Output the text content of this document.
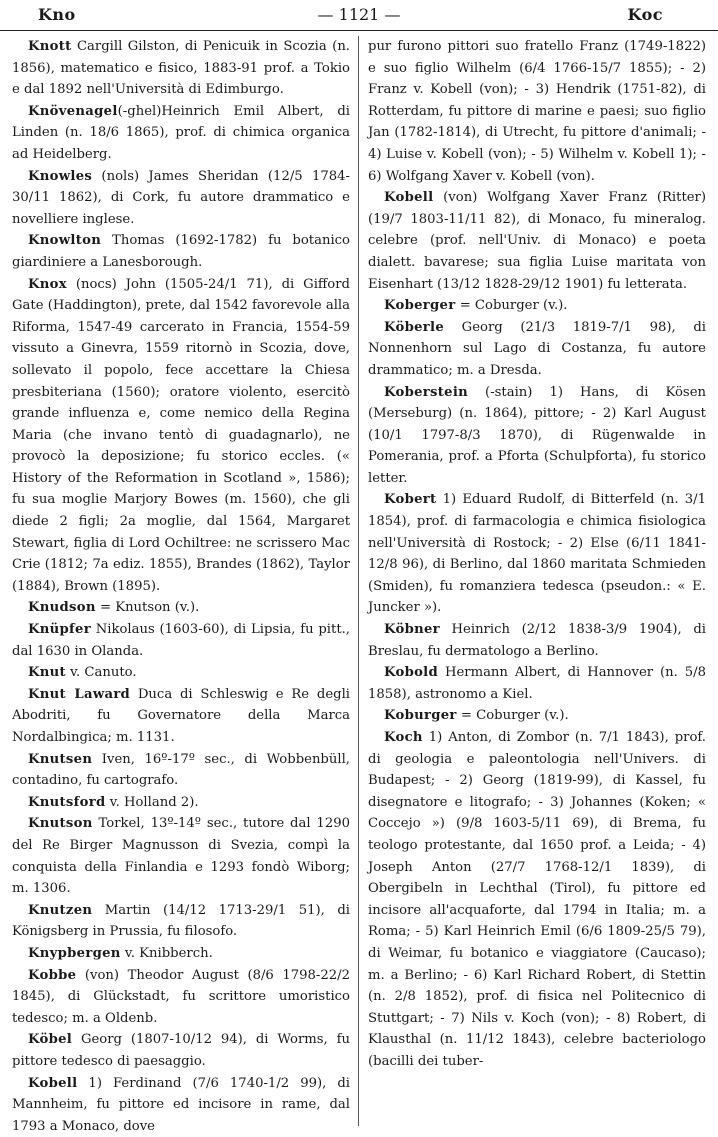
Kno	— 1121 —	Koc

Knott Cargill Gilston, di Penicuik in Scozia (n. 1856), matematico e fisico, 1883-91 prof. a Tokio e dal 1892 nell'Università di Edimburgo.

Knövenagel(-ghel)Heinrich Emil Albert, di Linden (n. 18/6 1865), prof. di chimica organica ad Heidelberg.

Knowles (nols) James Sheridan (12/5 1784-30/11 1862), di Cork, fu autore drammatico e novelliere inglese.

Knowlton Thomas (1692-1782) fu botanico giardiniere a Lanesborough.

Knox (nocs) John (1505-24/1 71), di Gifford Gate (Haddington), prete, dal 1542 favorevole alla Riforma, 1547-49 carcerato in Francia, 1554-59 vissuto a Ginevra, 1559 ritornò in Scozia, dove, sollevato il popolo, fece accettare la Chiesa presbiteriana (1560); oratore violento, esercitò grande influenza e, come nemico della Regina Maria (che invano tentò di guadagnarlo), ne provocò la deposizione; fu storico eccles. (« History of the Reformation in Scotland », 1586); fu sua moglie Marjory Bowes (m. 1560), che gli diede 2 figli; 2a moglie, dal 1564, Margaret Stewart, figlia di Lord Ochiltree: ne scrissero Mac Crie (1812; 7a ediz. 1855), Brandes (1862), Taylor (1884), Brown (1895).

Knudson = Knutson (v.).

Knüpfer Nikolaus (1603-60), di Lipsia, fu pitt., dal 1630 in Olanda.

Knut v. Canuto.

Knut Laward Duca di Schleswig e Re degli Abodriti, fu Governatore della Marca Nordalbingica; m. 1131.

Knutsen Iven, 16º-17º sec., di Wobbenbüll, contadino, fu cartografo.

Knutsford v. Holland 2).

Knutson Torkel, 13º-14º sec., tutore dal 1290 del Re Birger Magnusson di Svezia, compì la conquista della Finlandia e 1293 fondò Wiborg; m. 1306.

Knutzen Martin (14/12 1713-29/1 51), di Königsberg in Prussia, fu filosofo.

Knypbergen v. Knibberch.

Kobbe (von) Theodor August (8/6 1798-22/2 1845), di Glückstadt, fu scrittore umoristico tedesco; m. a Oldenb.

Köbel Georg (1807-10/12 94), di Worms, fu pittore tedesco di paesaggio.

Kobell 1) Ferdinand (7/6 1740-1/2 99), di Mannheim, fu pittore ed incisore in rame, dal 1793 a Monaco, dove

pur furono pittori suo fratello Franz (1749-1822) e suo figlio Wilhelm (6/4 1766-15/7 1855); - 2) Franz v. Kobell (von); - 3) Hendrik (1751-82), di Rotterdam, fu pittore di marine e paesi; suo figlio Jan (1782-1814), di Utrecht, fu pittore d'animali; - 4) Luise v. Kobell (von); - 5) Wilhelm v. Kobell 1); - 6) Wolfgang Xaver v. Kobell (von).

Kobell (von) Wolfgang Xaver Franz (Ritter) (19/7 1803-11/11 82), di Monaco, fu mineralog. celebre (prof. nell'Univ. di Monaco) e poeta dialett. bavarese; sua figlia Luise maritata von Eisenhart (13/12 1828-29/12 1901) fu letterata.

Koberger = Coburger (v.).

Köberle Georg (21/3 1819-7/1 98), di Nonnenhorn sul Lago di Costanza, fu autore drammatico; m. a Dresda.

Koberstein (-stain) 1) Hans, di Kösen (Merseburg) (n. 1864), pittore; - 2) Karl August (10/1 1797-8/3 1870), di Rügenwalde in Pomerania, prof. a Pforta (Schulpforta), fu storico letter.

Kobert 1) Eduard Rudolf, di Bitterfeld (n. 3/1 1854), prof. di farmacologia e chimica fisiologica nell'Università di Rostock; - 2) Else (6/11 1841-12/8 96), di Berlino, dal 1860 maritata Schmieden (Smiden), fu romanziera tedesca (pseudon.: « E. Juncker »).

Köbner Heinrich (2/12 1838-3/9 1904), di Breslau, fu dermatologo a Berlino.

Kobold Hermann Albert, di Hannover (n. 5/8 1858), astronomo a Kiel.

Koburger = Coburger (v.).

Koch 1) Anton, di Zombor (n. 7/1 1843), prof. di geologia e paleontologia nell'Univers. di Budapest; - 2) Georg (1819-99), di Kassel, fu disegnatore e litografo; - 3) Johannes (Koken; « Coccejo ») (9/8 1603-5/11 69), di Brema, fu teologo protestante, dal 1650 prof. a Leida; - 4) Joseph Anton (27/7 1768-12/1 1839), di Obergibeln in Lechthal (Tirol), fu pittore ed incisore all'acquaforte, dal 1794 in Italia; m. a Roma; - 5) Karl Heinrich Emil (6/6 1809-25/5 79), di Weimar, fu botanico e viaggiatore (Caucaso); m. a Berlino; - 6) Karl Richard Robert, di Stettin (n. 2/8 1852), prof. di fisica nel Politecnico di Stuttgart; - 7) Nils v. Koch (von); - 8) Robert, di Klausthal (n. 11/12 1843), celebre bacteriologo (bacilli dei tuber-
